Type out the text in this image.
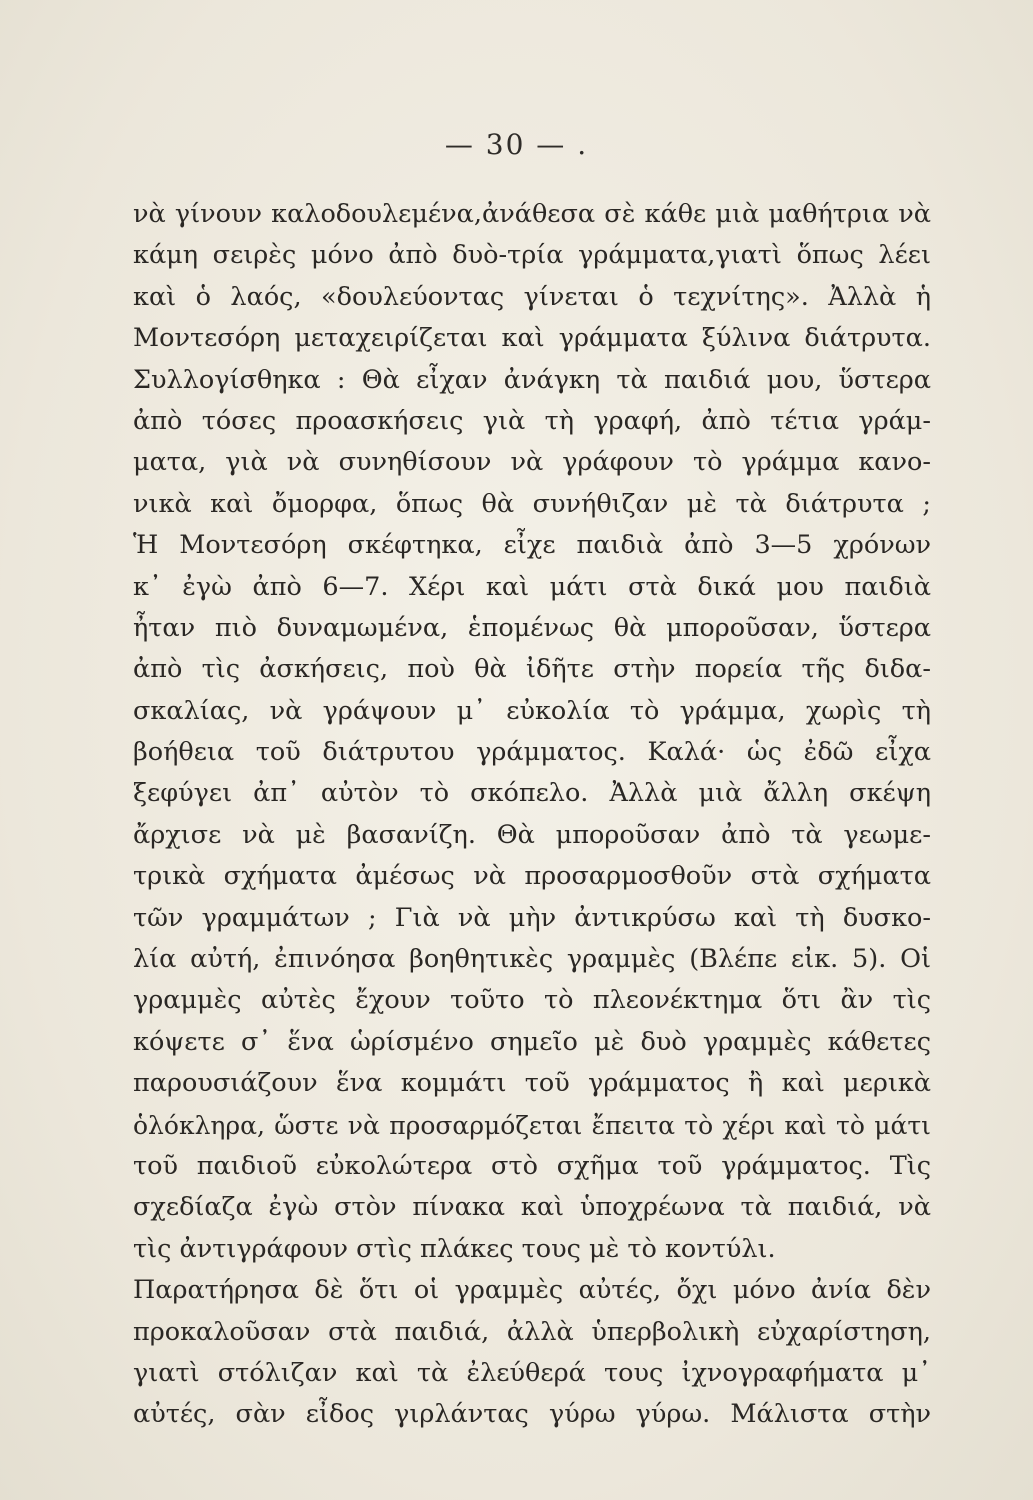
— 30 — .
νὰ γίνουν καλοδουλεμένα,ἀνάθεσα σὲ κάθε μιὰ μαθήτρια νὰ
κάμη σειρὲς μόνο ἀπὸ δυὸ-τρία γράμματα,γιατὶ ὅπως λέει
καὶ ὁ λαός, «δουλεύοντας γίνεται ὁ τεχνίτης». Ἀλλὰ ἡ
Μοντεσόρη μεταχειρίζεται καὶ γράμματα ξύλινα διάτρυτα.
Συλλογίσθηκα : Θὰ εἶχαν ἀνάγκη τὰ παιδιά μου, ὕστερα
ἀπὸ τόσες προασκήσεις γιὰ τὴ γραφή, ἀπὸ τέτια γράμ-
ματα, γιὰ νὰ συνηθίσουν νὰ γράφουν τὸ γράμμα κανο-
νικὰ καὶ ὄμορφα, ὅπως θὰ συνήθιζαν μὲ τὰ διάτρυτα ;
Ἡ Μοντεσόρη σκέφτηκα, εἶχε παιδιὰ ἀπὸ 3—5 χρόνων
κ᾽ ἐγὼ ἀπὸ 6—7. Χέρι καὶ μάτι στὰ δικά μου παιδιὰ
ἦταν πιὸ δυναμωμένα, ἑπομένως θὰ μποροῦσαν, ὕστερα
ἀπὸ τὶς ἀσκήσεις, ποὺ θὰ ἰδῆτε στὴν πορεία τῆς διδα-
σκαλίας, νὰ γράψουν μ᾽ εὐκολία τὸ γράμμα, χωρὶς τὴ
βοήθεια τοῦ διάτρυτου γράμματος. Καλά· ὡς ἐδῶ εἶχα
ξεφύγει ἀπ᾽ αὐτὸν τὸ σκόπελο. Ἀλλὰ μιὰ ἄλλη σκέψη
ἄρχισε νὰ μὲ βασανίζη. Θὰ μποροῦσαν ἀπὸ τὰ γεωμε-
τρικὰ σχήματα ἀμέσως νὰ προσαρμοσθοῦν στὰ σχήματα
τῶν γραμμάτων ; Γιὰ νὰ μὴν ἀντικρύσω καὶ τὴ δυσκο-
λία αὐτή, ἐπινόησα βοηθητικὲς γραμμὲς (Βλέπε εἰκ. 5). Οἱ
γραμμὲς αὐτὲς ἔχουν τοῦτο τὸ πλεονέκτημα ὅτι ἂν τὶς
κόψετε σ᾽ ἕνα ὡρίσμένο σημεῖο μὲ δυὸ γραμμὲς κάθετες
παρουσιάζουν ἕνα κομμάτι τοῦ γράμματος ἢ καὶ μερικὰ
ὁλόκληρα, ὥστε νὰ προσαρμόζεται ἔπειτα τὸ χέρι καὶ τὸ μάτι
τοῦ παιδιοῦ εὐκολώτερα στὸ σχῆμα τοῦ γράμματος. Τὶς
σχεδίαζα ἐγὼ στὸν πίνακα καὶ ὑποχρέωνα τὰ παιδιά, νὰ
τὶς ἀντιγράφουν στὶς πλάκες τους μὲ τὸ κοντύλι.
Παρατήρησα δὲ ὅτι οἱ γραμμὲς αὐτές, ὄχι μόνο ἀνία δὲν
προκαλοῦσαν στὰ παιδιά, ἀλλὰ ὑπερβολικὴ εὐχαρίστηση,
γιατὶ στόλιζαν καὶ τὰ ἐλεύθερά τους ἰχνογραφήματα μ᾽
αὐτές, σὰν εἶδος γιρλάντας γύρω γύρω. Μάλιστα στὴν
